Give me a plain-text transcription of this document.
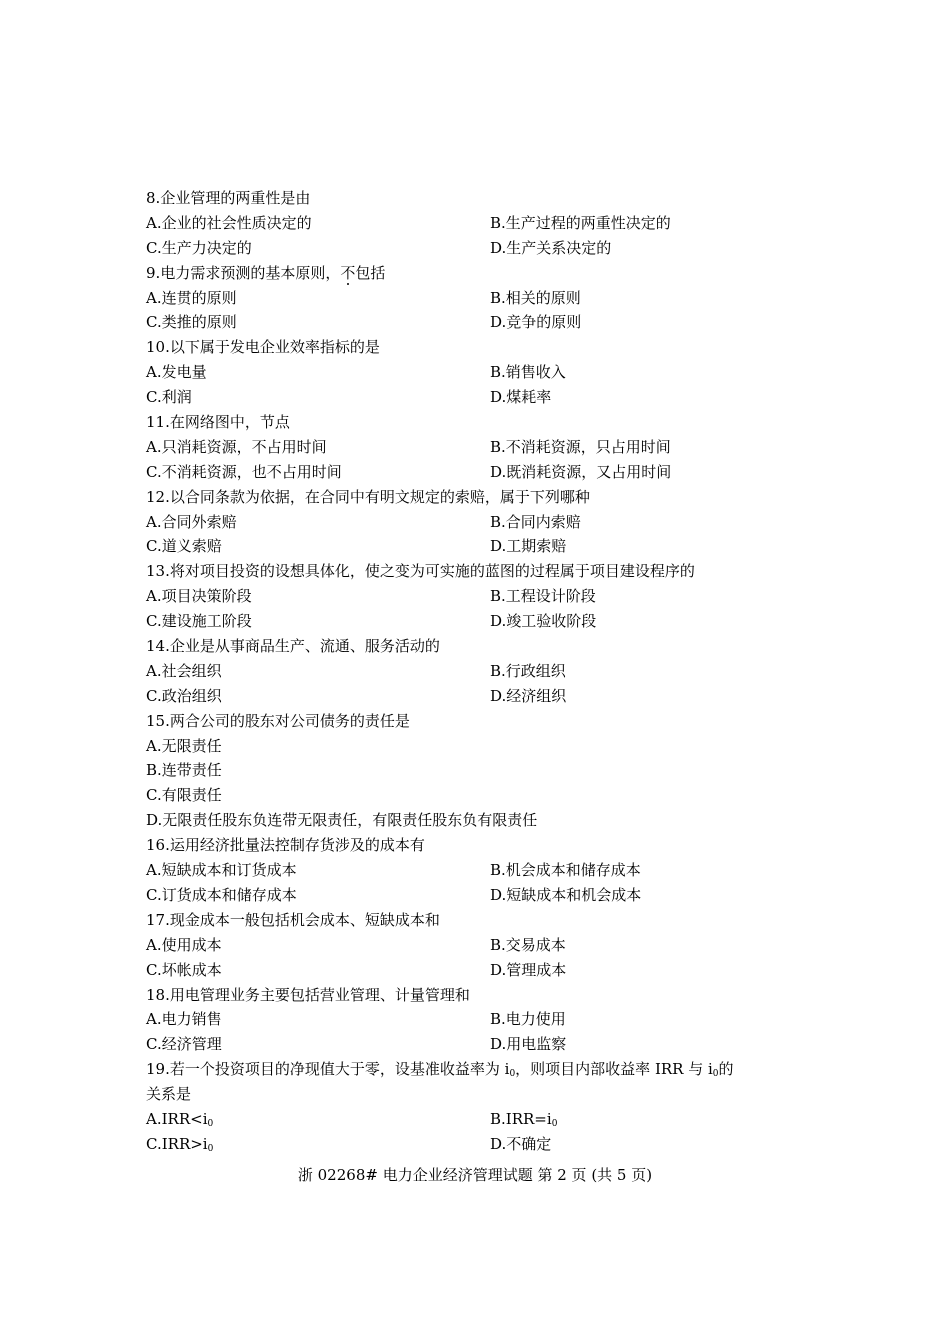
8.企业管理的两重性是由
A.企业的社会性质决定的	B.生产过程的两重性决定的
C.生产力决定的	D.生产关系决定的
9.电力需求预测的基本原则，不包括
A.连贯的原则	B.相关的原则
C.类推的原则	D.竞争的原则
10.以下属于发电企业效率指标的是
A.发电量	B.销售收入
C.利润	D.煤耗率
11.在网络图中，节点
A.只消耗资源，不占用时间	B.不消耗资源，只占用时间
C.不消耗资源，也不占用时间	D.既消耗资源，又占用时间
12.以合同条款为依据，在合同中有明文规定的索赔，属于下列哪种
A.合同外索赔	B.合同内索赔
C.道义索赔	D.工期索赔
13.将对项目投资的设想具体化，使之变为可实施的蓝图的过程属于项目建设程序的
A.项目决策阶段	B.工程设计阶段
C.建设施工阶段	D.竣工验收阶段
14.企业是从事商品生产、流通、服务活动的
A.社会组织	B.行政组织
C.政治组织	D.经济组织
15.两合公司的股东对公司债务的责任是
A.无限责任
B.连带责任
C.有限责任
D.无限责任股东负连带无限责任，有限责任股东负有限责任
16.运用经济批量法控制存货涉及的成本有
A.短缺成本和订货成本	B.机会成本和储存成本
C.订货成本和储存成本	D.短缺成本和机会成本
17.现金成本一般包括机会成本、短缺成本和
A.使用成本	B.交易成本
C.坏帐成本	D.管理成本
18.用电管理业务主要包括营业管理、计量管理和
A.电力销售	B.电力使用
C.经济管理	D.用电监察
19.若一个投资项目的净现值大于零，设基准收益率为 $i_0$，则项目内部收益率 IRR 与 $i_0$的
关系是
$A.IRR<i_0$	$B.IRR=i_0$
$C.IRR>i_0$	D.不确定
浙 02268# 电力企业经济管理试题 第 2 页 (共 5 页)
